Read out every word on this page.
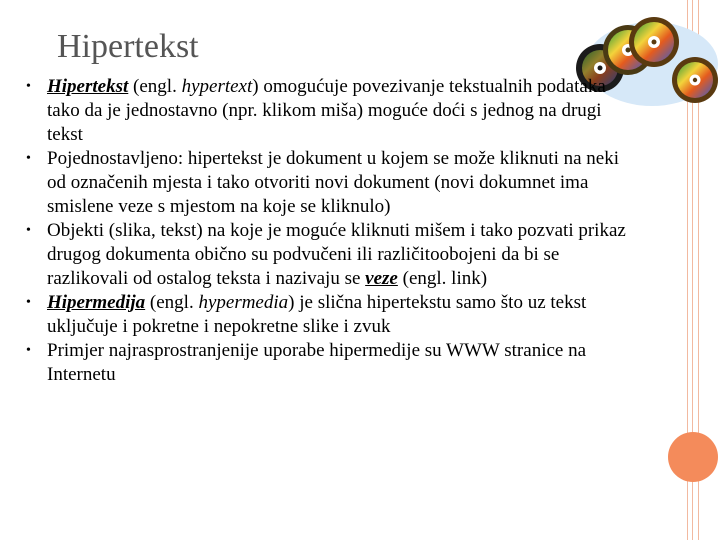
Hipertekst
• Hipertekst (engl. hypertext) omogućuje povezivanje tekstualnih podataka tako da je jednostavno (npr. klikom miša) moguće doći s jednog na drugi tekst
• Pojednostavljeno: hipertekst je dokument u kojem se može kliknuti na neki od označenih mjesta i tako otvoriti novi dokument (novi dokumnet ima smislene veze s mjestom na koje se kliknulo)
• Objekti (slika, tekst) na koje je moguće kliknuti mišem i tako pozvati prikaz drugog dokumenta obično su podvučeni ili različitoobojeni da bi se razlikovali od ostalog teksta i nazivaju se veze (engl. link)
• Hipermedija (engl. hypermedia) je slična hipertekstu samo što uz tekst uključuje i pokretne i nepokretne slike i zvuk
• Primjer najrasprostranjenije uporabe hipermedije su WWW stranice na Internetu
